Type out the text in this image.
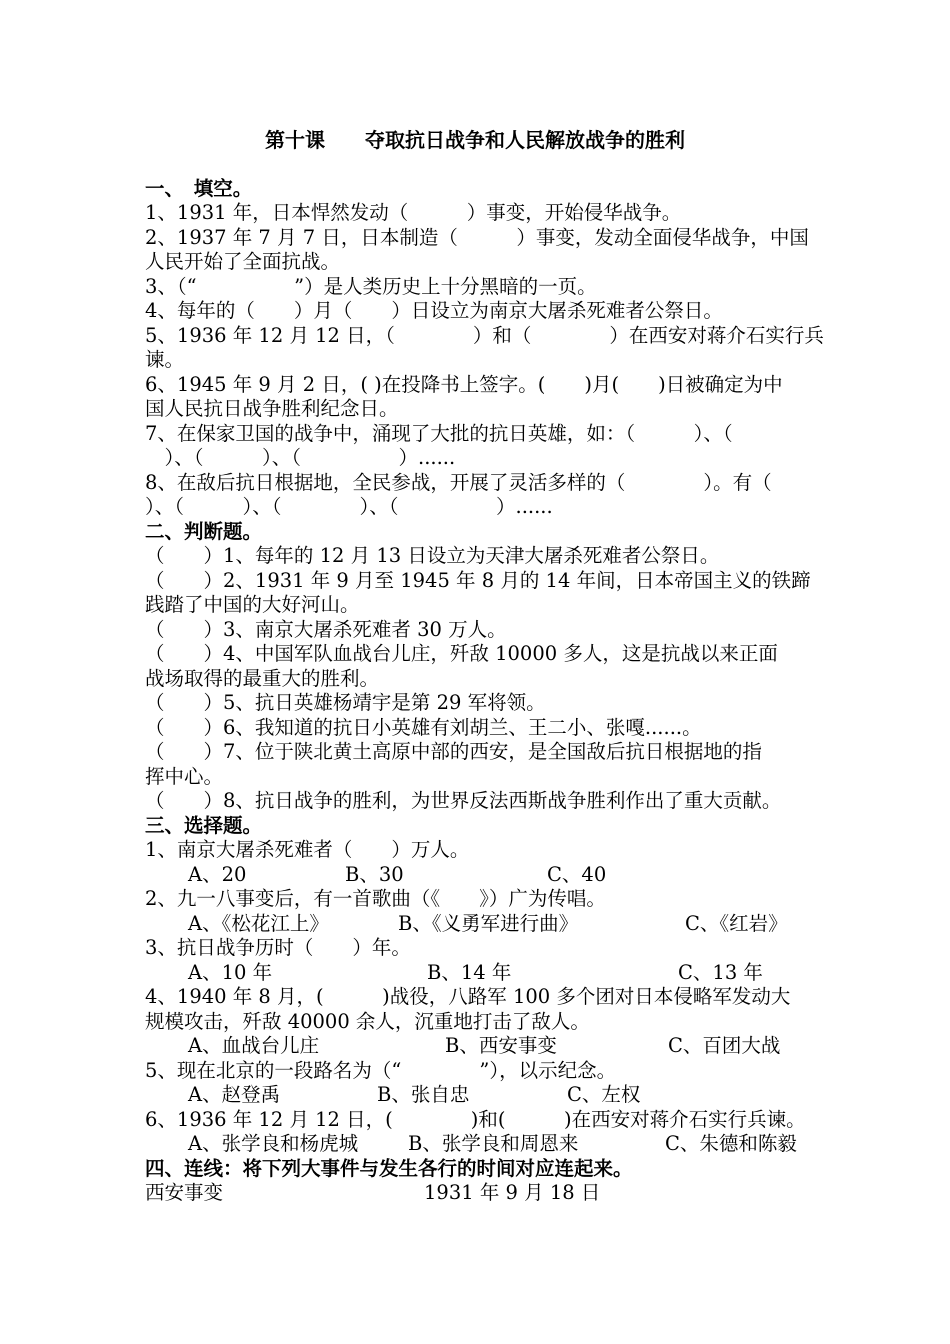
第十课　　夺取抗日战争和人民解放战争的胜利
一、　填空。
1、1931 年，日本悍然发动（　　　）事变，开始侵华战争。
2、1937 年 7 月 7 日，日本制造（　　　）事变，发动全面侵华战争，中国
人民开始了全面抗战。
3、（“　　　　　”）是人类历史上十分黑暗的一页。
4、每年的（　　）月（　　）日设立为南京大屠杀死难者公祭日。
5、1936 年 12 月 12 日，（　　　　）和（　　　　）在西安对蒋介石实行兵
谏。
6、1945 年 9 月 2 日，( )在投降书上签字。(　　)月(　　)日被确定为中
国人民抗日战争胜利纪念日。
7、在保家卫国的战争中，涌现了大批的抗日英雄，如：（　　　）、（
　）、（　　　）、（　　　　　）......
8、在敌后抗日根据地，全民参战，开展了灵活多样的（　　　　）。有（
）、（　　　）、（　　　　）、（　　　　　）......
二、判断题。
（　　）1、每年的 12 月 13 日设立为天津大屠杀死难者公祭日。
（　　）2、1931 年 9 月至 1945 年 8 月的 14 年间，日本帝国主义的铁蹄
践踏了中国的大好河山。
（　　）3、南京大屠杀死难者 30 万人。
（　　）4、中国军队血战台儿庄，歼敌 10000 多人，这是抗战以来正面
战场取得的最重大的胜利。
（　　）5、抗日英雄杨靖宇是第 29 军将领。
（　　）6、我知道的抗日小英雄有刘胡兰、王二小、张嘎......。
（　　）7、位于陕北黄土高原中部的西安，是全国敌后抗日根据地的指
挥中心。
（　　）8、抗日战争的胜利，为世界反法西斯战争胜利作出了重大贡献。
三、选择题。
1、南京大屠杀死难者（　　）万人。
A、20	B、30	C、40
2、九一八事变后，有一首歌曲（《　　》）广为传唱。
A、《松花江上》	B、《义勇军进行曲》	C、《红岩》
3、抗日战争历时（　　）年。
A、10 年	B、14 年	C、13 年
4、1940 年 8 月，(　　　)战役，八路军 100 多个团对日本侵略军发动大
规模攻击，歼敌 40000 余人，沉重地打击了敌人。
A、血战台儿庄	B、西安事变	C、百团大战
5、现在北京的一段路名为（“　　　　”），以示纪念。
A、赵登禹	B、张自忠	C、左权
6、1936 年 12 月 12 日，(　　　　)和(　　　)在西安对蒋介石实行兵谏。
A、张学良和杨虎城	B、张学良和周恩来	C、朱德和陈毅
四、连线：将下列大事件与发生各行的时间对应连起来。
西安事变	1931 年 9 月 18 日
